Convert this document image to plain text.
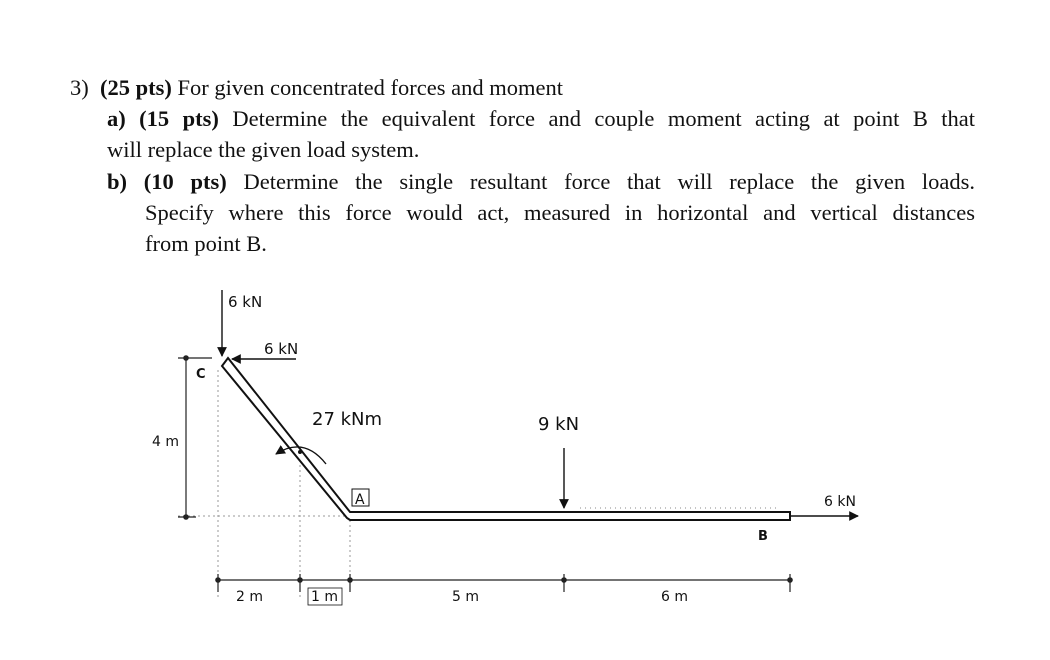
3) (25 pts) For given concentrated forces and moment
a) (15 pts) Determine the equivalent force and couple moment acting at point B that
will replace the given load system.
b) (10 pts) Determine the single resultant force that will replace the given loads.
Specify where this force would act, measured in horizontal and vertical distances
from point B.
4 m
C
A
B
6 kN
6 kN
27 kNm	9 kN
6 kN
2 m	1 m	5 m	6 m
